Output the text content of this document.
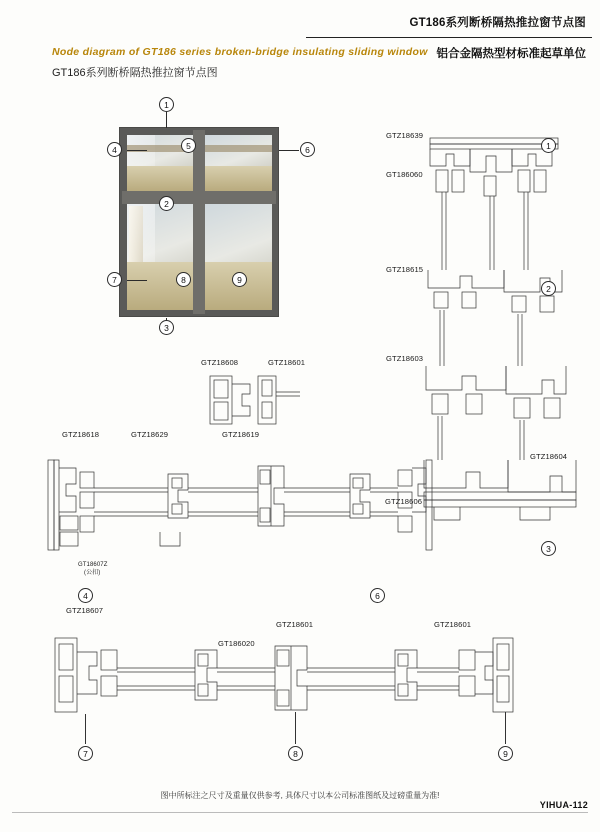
GT186系列断桥隔热推拉窗节点图
铝合金隔热型材标准起草单位
Node diagram of GT186 series broken-bridge insulating sliding window
GT186系列断桥隔热推拉窗节点图
1
2
3
4	5	6
7	8	9
GTZ18639
GT186060
GTZ18615
GTZ18603
GTZ18604
GTZ18606
1
2
3
GTZ18608	GTZ18601
GTZ18618	GTZ18629	GTZ18619
GT18607Z
(公扣)
GTZ18607
GTZ18601
GT186020
GTZ18601
4	6
7	8	9
图中所标注之尺寸及重量仅供参考, 具体尺寸以本公司标准图纸及过磅重量为准!
YIHUA-112
